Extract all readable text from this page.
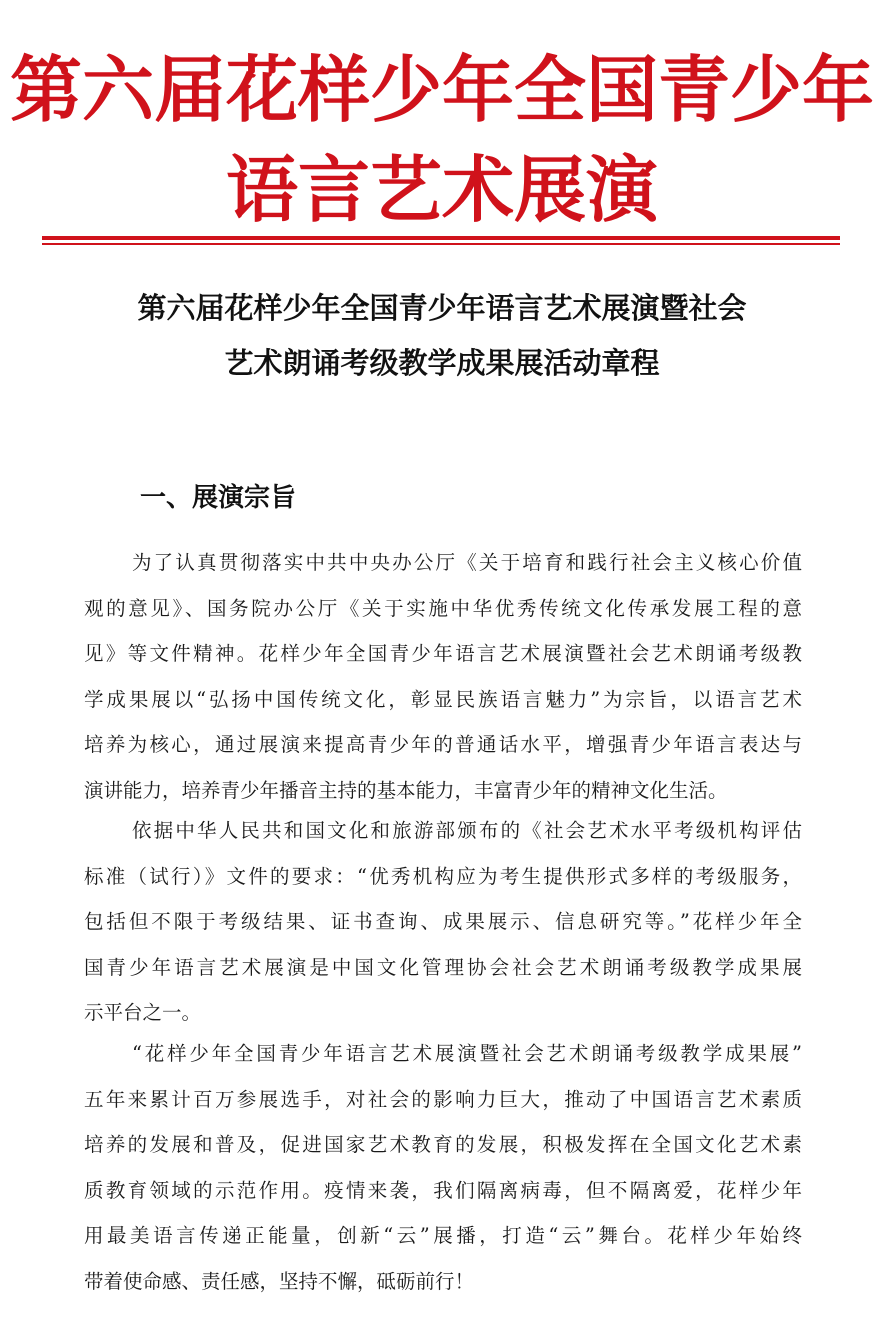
第六届花样少年全国青少年
语言艺术展演
第六届花样少年全国青少年语言艺术展演暨社会
艺术朗诵考级教学成果展活动章程
一、展演宗旨
为了认真贯彻落实中共中央办公厅《关于培育和践行社会主义核心价值
观的意见》、国务院办公厅《关于实施中华优秀传统文化传承发展工程的意
见》等文件精神。花样少年全国青少年语言艺术展演暨社会艺术朗诵考级教
学成果展以“弘扬中国传统文化，彰显民族语言魅力”为宗旨，以语言艺术
培养为核心，通过展演来提高青少年的普通话水平，增强青少年语言表达与
演讲能力，培养青少年播音主持的基本能力，丰富青少年的精神文化生活。
依据中华人民共和国文化和旅游部颁布的《社会艺术水平考级机构评估
标准（试行）》文件的要求：“优秀机构应为考生提供形式多样的考级服务，
包括但不限于考级结果、证书查询、成果展示、信息研究等。”花样少年全
国青少年语言艺术展演是中国文化管理协会社会艺术朗诵考级教学成果展
示平台之一。
“花样少年全国青少年语言艺术展演暨社会艺术朗诵考级教学成果展”
五年来累计百万参展选手，对社会的影响力巨大，推动了中国语言艺术素质
培养的发展和普及，促进国家艺术教育的发展，积极发挥在全国文化艺术素
质教育领域的示范作用。疫情来袭，我们隔离病毒，但不隔离爱，花样少年
用最美语言传递正能量，创新“云”展播，打造“云”舞台。花样少年始终
带着使命感、责任感，坚持不懈，砥砺前行！
